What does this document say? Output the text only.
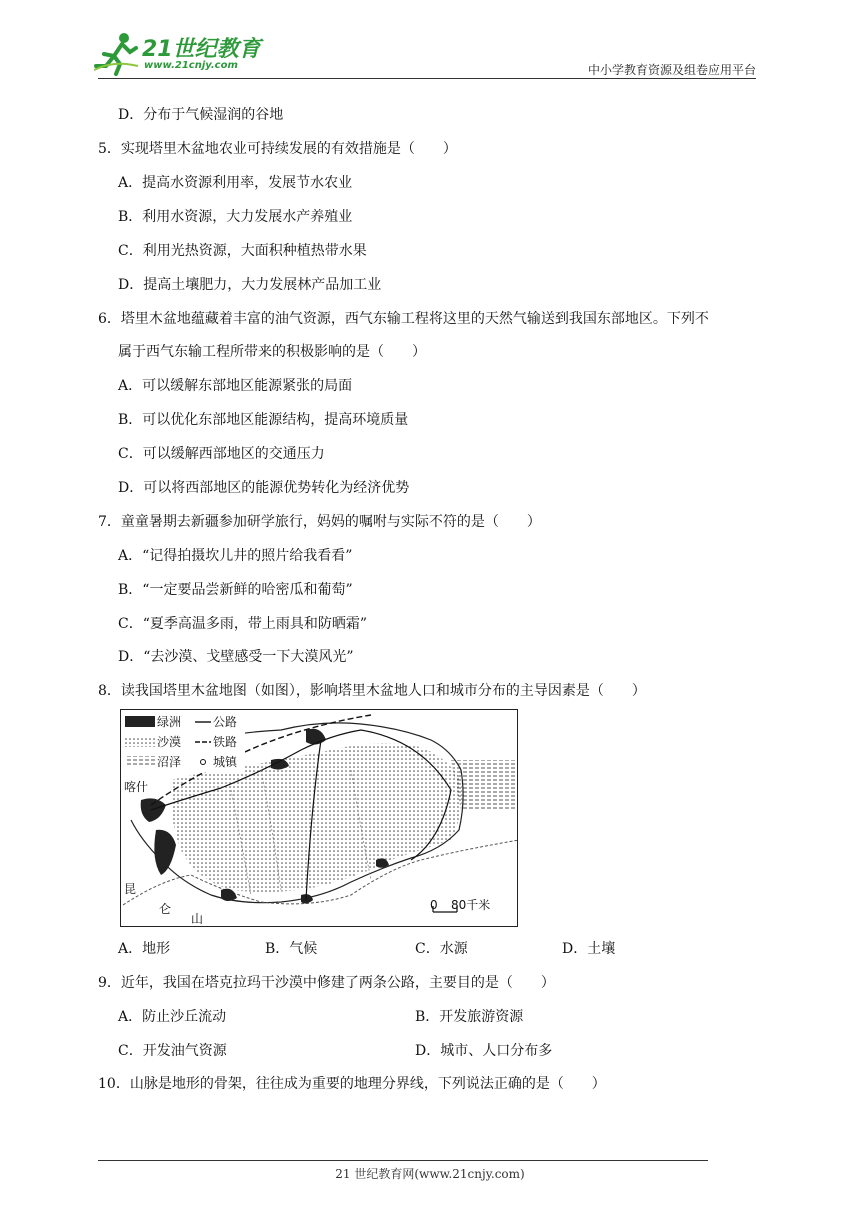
21世纪教育
www.21cnjy.com	中小学教育资源及组卷应用平台
D．分布于气候湿润的谷地
5．实现塔里木盆地农业可持续发展的有效措施是（　　）
A．提高水资源利用率，发展节水农业
B．利用水资源，大力发展水产养殖业
C．利用光热资源，大面积种植热带水果
D．提高土壤肥力，大力发展林产品加工业
6．塔里木盆地蕴藏着丰富的油气资源，西气东输工程将这里的天然气输送到我国东部地区。下列不
属于西气东输工程所带来的积极影响的是（　　）
A．可以缓解东部地区能源紧张的局面
B．可以优化东部地区能源结构，提高环境质量
C．可以缓解西部地区的交通压力
D．可以将西部地区的能源优势转化为经济优势
7．童童暑期去新疆参加研学旅行，妈妈的嘱咐与实际不符的是（　　）
A．“记得拍摄坎儿井的照片给我看看”
B．“一定要品尝新鲜的哈密瓜和葡萄”
C．“夏季高温多雨，带上雨具和防晒霜”
D．“去沙漠、戈壁感受一下大漠风光”
8．读我国塔里木盆地图（如图），影响塔里木盆地人口和城市分布的主导因素是（　　）
绿洲
沙漠
沼泽
公路
铁路
城镇
喀什
昆
仑
山
0 80千米
A．地形	B．气候	C．水源	D．土壤
9．近年，我国在塔克拉玛干沙漠中修建了两条公路，主要目的是（　　）
A．防止沙丘流动	B．开发旅游资源
C．开发油气资源	D．城市、人口分布多
10．山脉是地形的骨架，往往成为重要的地理分界线，下列说法正确的是（　　）
21 世纪教育网(www.21cnjy.com)
